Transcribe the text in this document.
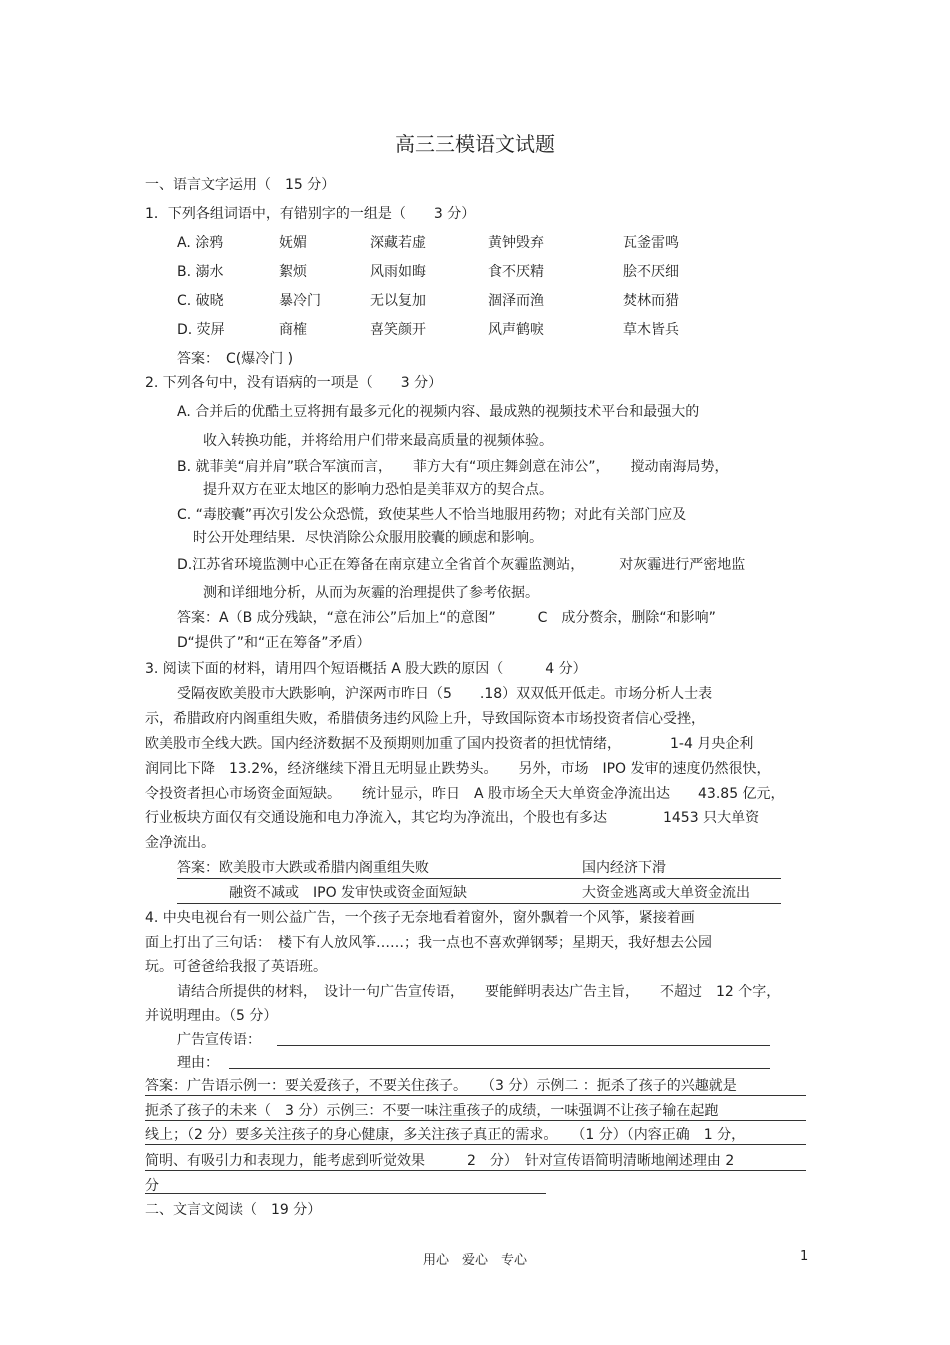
高三三模语文试题
一、语言文字运用（　15 分）
1．下列各组词语中，有错别字的一组是（　　3 分）
A. 涂鸦	妩媚	深藏若虚	黄钟毁弃	瓦釜雷鸣
B. 溺水	絮烦	风雨如晦	食不厌精	脍不厌细
C. 破晓	暴冷门	无以复加	涸泽而渔	焚林而猎
D. 荧屏	商榷	喜笑颜开	风声鹤唳	草木皆兵
答案：　C(爆冷门 )
2. 下列各句中，没有语病的一项是（　　3 分）
A. 合并后的优酷土豆将拥有最多元化的视频内容、最成熟的视频技术平台和最强大的
收入转换功能，并将给用户们带来最高质量的视频体验。
B. 就菲美“肩并肩”联合军演而言，　　菲方大有“项庄舞剑意在沛公”，　　搅动南海局势，
提升双方在亚太地区的影响力恐怕是美菲双方的契合点。
C. “毒胶囊”再次引发公众恐慌，致使某些人不恰当地服用药物；对此有关部门应及
时公开处理结果．尽快消除公众服用胶囊的顾虑和影响。
D.江苏省环境监测中心正在筹备在南京建立全省首个灰霾监测站，　　　对灰霾进行严密地监
测和详细地分析，从而为灰霾的治理提供了参考依据。
答案：A（B 成分残缺，“意在沛公”后加上“的意图”　　　C　成分赘余，删除“和影响”
D“提供了”和“正在筹备”矛盾）
3. 阅读下面的材料，请用四个短语概括 A 股大跌的原因（　　　4 分）
受隔夜欧美股市大跌影响，沪深两市昨日（5　　.18）双双低开低走。市场分析人士表
示，希腊政府内阁重组失败，希腊债务违约风险上升，导致国际资本市场投资者信心受挫，
欧美股市全线大跌。国内经济数据不及预期则加重了国内投资者的担忧情绪，　　　　1-4 月央企利
润同比下降　13.2%，经济继续下滑且无明显止跌势头。　　另外，市场　IPO 发审的速度仍然很快，
令投资者担心市场资金面短缺。　　统计显示，昨日　A 股市场全天大单资金净流出达　　43.85 亿元，
行业板块方面仅有交通设施和电力净流入，其它均为净流出，个股也有多达　　　　1453 只大单资
金净流出。
答案：欧美股市大跌或希腊内阁重组失败	国内经济下滑
融资不减或　IPO 发审快或资金面短缺	大资金逃离或大单资金流出
4. 中央电视台有一则公益广告，一个孩子无奈地看着窗外，窗外飘着一个风筝，紧接着画
面上打出了三句话：　楼下有人放风筝……；我一点也不喜欢弹钢琴；星期天，我好想去公园
玩。可爸爸给我报了英语班。
请结合所提供的材料，　设计一句广告宣传语，　　要能鲜明表达广告主旨，　　不超过　12 个字，
并说明理由。（5 分）
广告宣传语：
理由：
答案：广告语示例一：要关爱孩子，不要关住孩子。　　（3 分）示例二 ：扼杀了孩子的兴趣就是
扼杀了孩子的未来（　3 分）示例三：不要一味注重孩子的成绩，一味强调不让孩子输在起跑
线上；（2 分）要多关注孩子的身心健康，多关注孩子真正的需求。　　（1 分）（内容正确　1 分，
简明、有吸引力和表现力，能考虑到听觉效果　　　2　分）　针对宣传语简明清晰地阐述理由 2
分
二、文言文阅读（　19 分）
用心　爱心　专心	1
